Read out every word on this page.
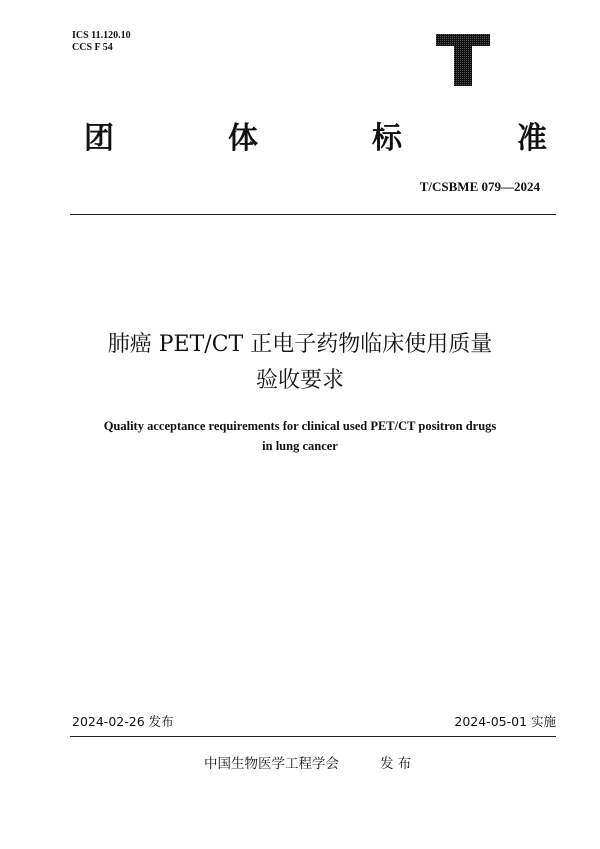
ICS 11.120.10
CCS F 54
团	体	标	准
T/CSBME 079—2024
肺癌 PET/CT 正电子药物临床使用质量
验收要求
Quality acceptance requirements for clinical used PET/CT positron drugs
in lung cancer
2024-02-26 发布	2024-05-01 实施
中国生物医学工程学会	发 布
